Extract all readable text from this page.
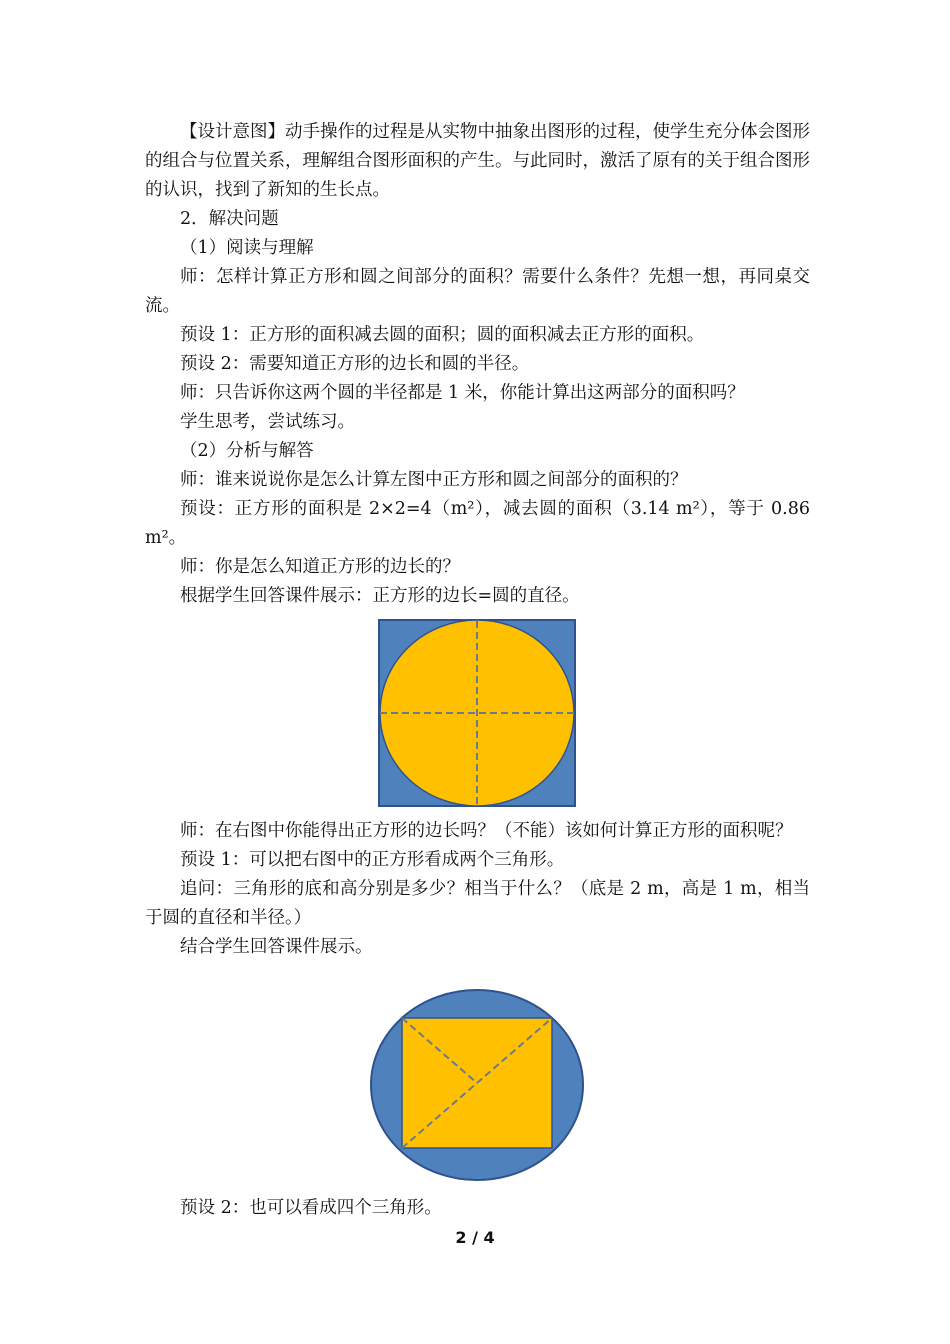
【设计意图】动手操作的过程是从实物中抽象出图形的过程，使学生充分体会图形的组合与位置关系，理解组合图形面积的产生。与此同时，激活了原有的关于组合图形的认识，找到了新知的生长点。

2．解决问题

（1）阅读与理解

师：怎样计算正方形和圆之间部分的面积？需要什么条件？先想一想，再同桌交流。

预设 1：正方形的面积减去圆的面积；圆的面积减去正方形的面积。

预设 2：需要知道正方形的边长和圆的半径。

师：只告诉你这两个圆的半径都是 1 米，你能计算出这两部分的面积吗？

学生思考，尝试练习。

（2）分析与解答

师：谁来说说你是怎么计算左图中正方形和圆之间部分的面积的？

预设：正方形的面积是 2×2=4（m²），减去圆的面积（3.14 m²），等于 0.86 m²。

师：你是怎么知道正方形的边长的？

根据学生回答课件展示：正方形的边长=圆的直径。

师：在右图中你能得出正方形的边长吗？（不能）该如何计算正方形的面积呢？

预设 1：可以把右图中的正方形看成两个三角形。

追问：三角形的底和高分别是多少？相当于什么？（底是 2 m，高是 1 m，相当于圆的直径和半径。）

结合学生回答课件展示。

预设 2：也可以看成四个三角形。

2 / 4
